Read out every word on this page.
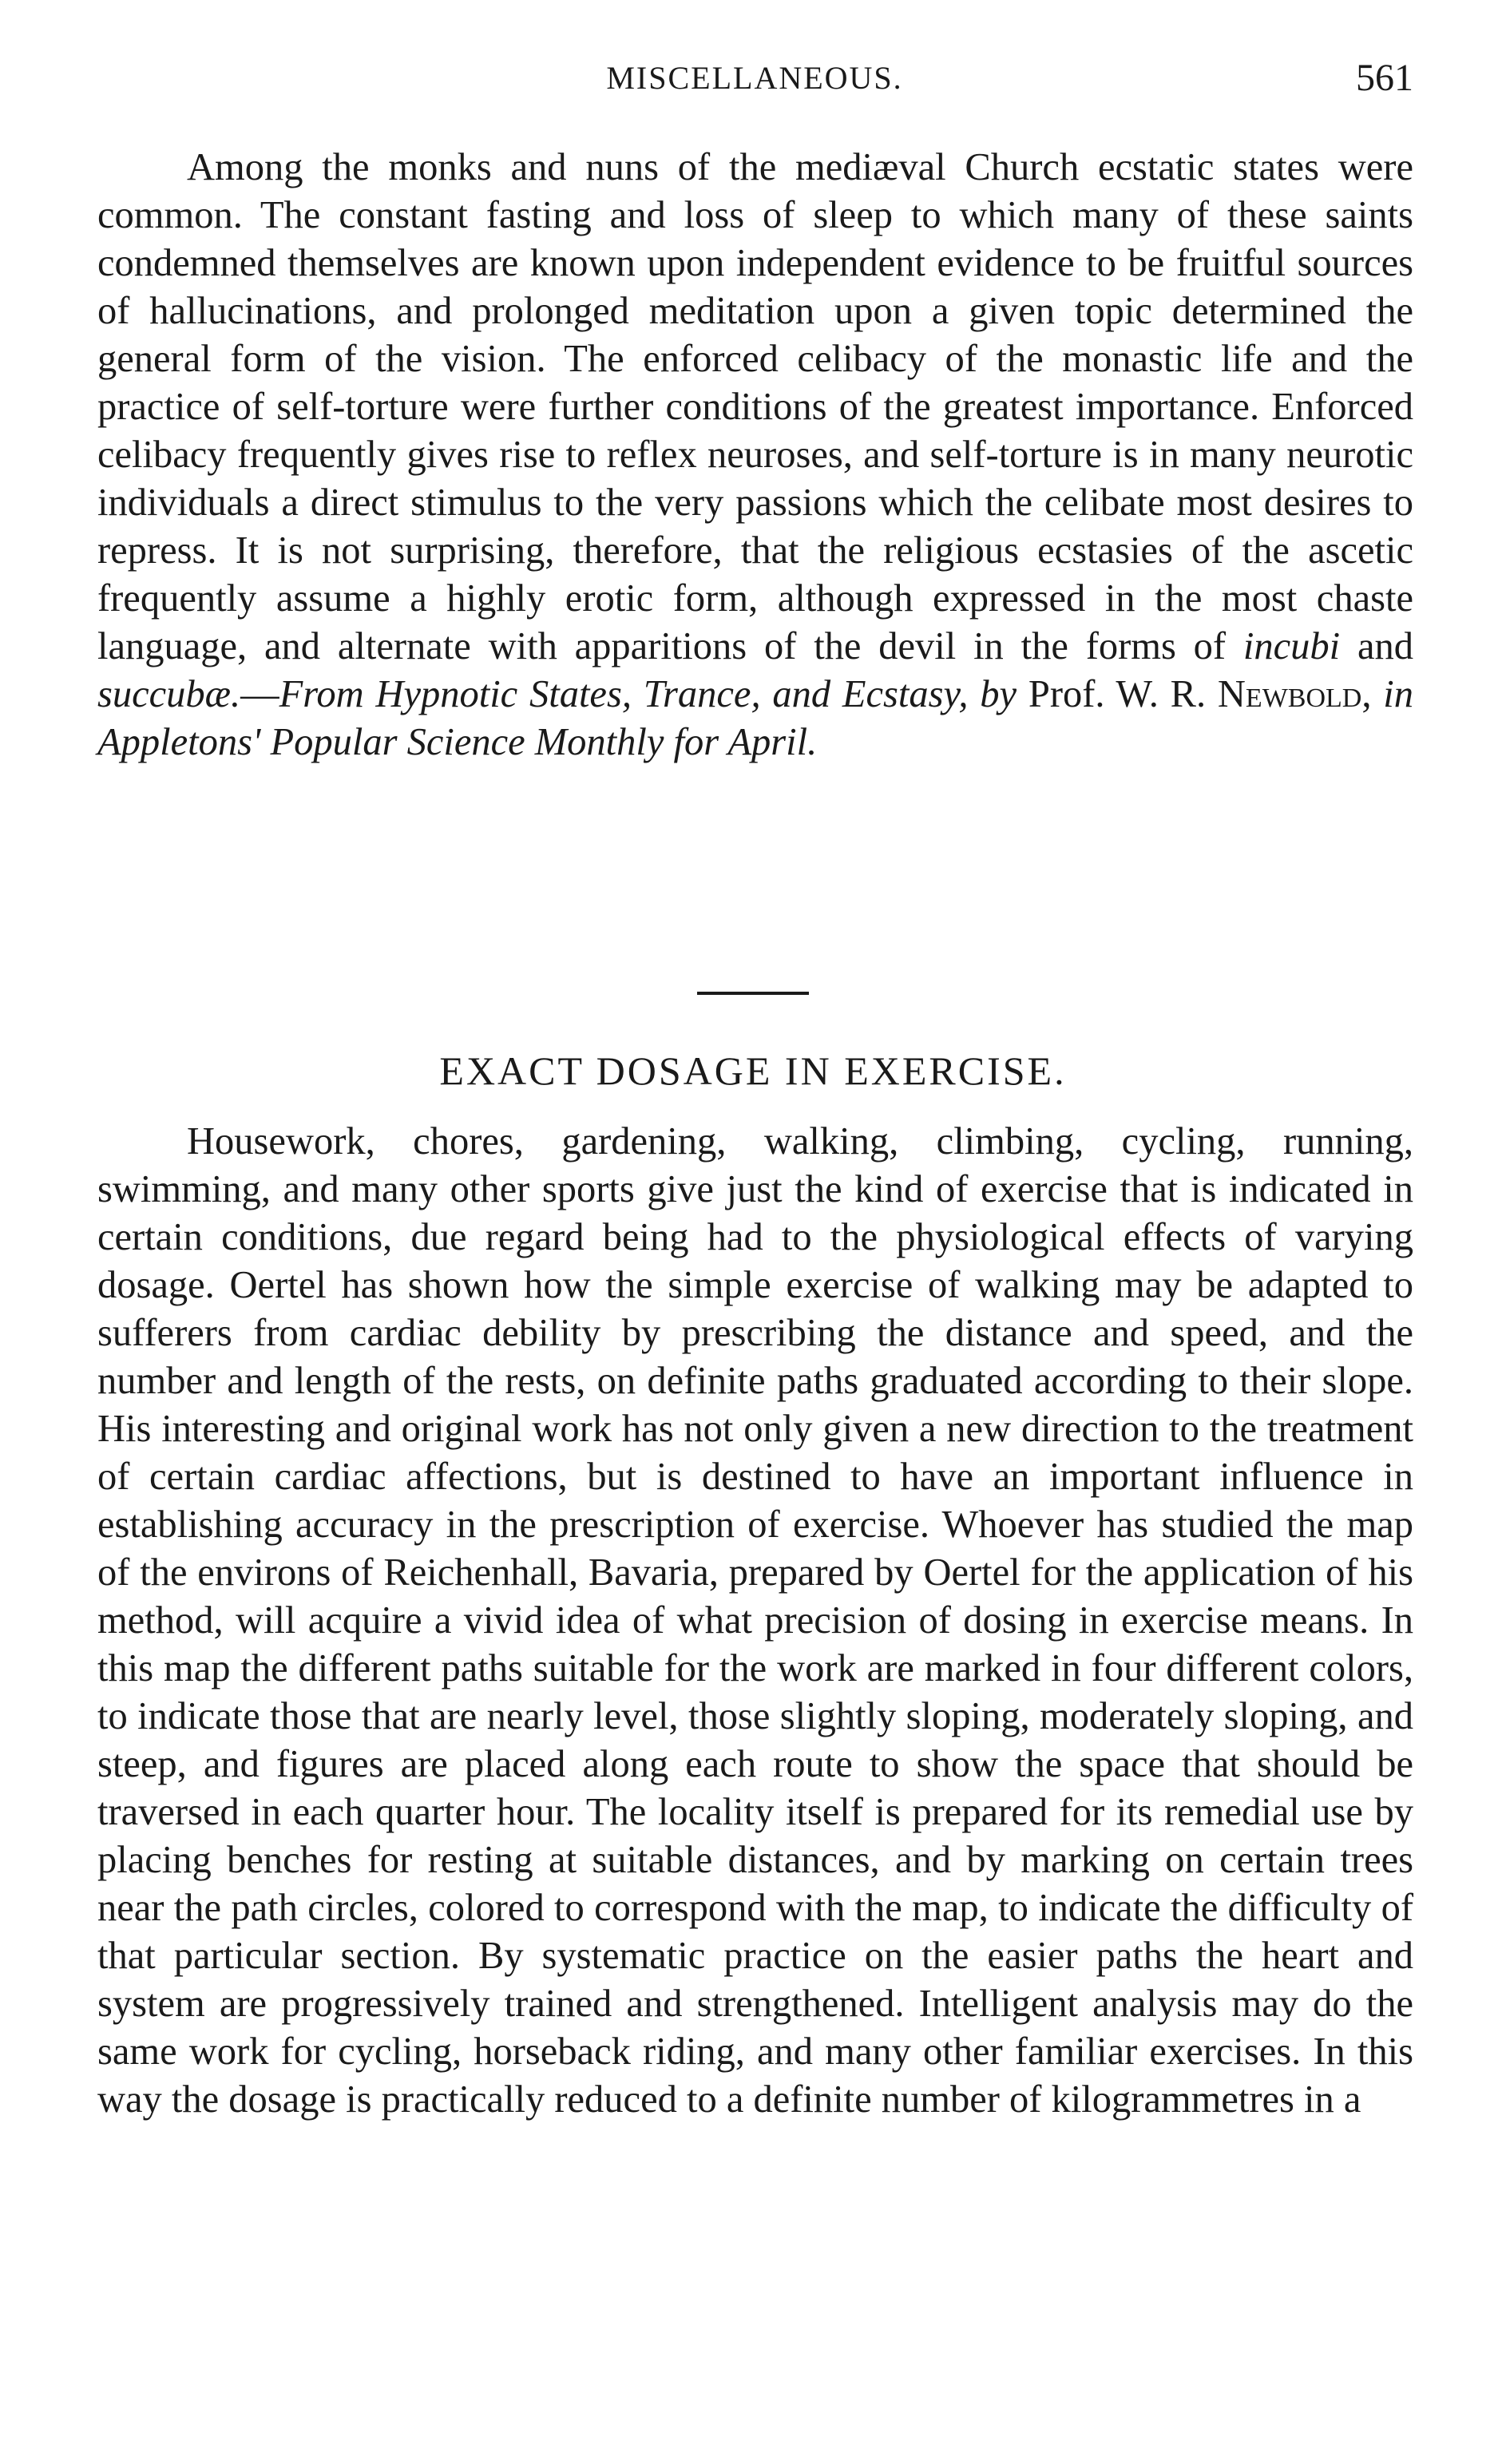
MISCELLANEOUS.	561

Among the monks and nuns of the mediæval Church ecstatic states were common. The constant fasting and loss of sleep to which many of these saints condemned themselves are known upon independent evidence to be fruitful sources of hallucinations, and prolonged meditation upon a given topic determined the general form of the vision. The enforced celibacy of the monastic life and the practice of self-torture were further conditions of the greatest importance. Enforced celibacy frequently gives rise to reflex neuroses, and self-torture is in many neurotic individuals a direct stimulus to the very passions which the celibate most desires to repress. It is not surprising, therefore, that the religious ecstasies of the ascetic frequently assume a highly erotic form, although expressed in the most chaste language, and alternate with apparitions of the devil in the forms of incubi and succubæ.—From Hypnotic States, Trance, and Ecstasy, by Prof. W. R. Newbold, in Appletons' Popular Science Monthly for April.

EXACT DOSAGE IN EXERCISE.

Housework, chores, gardening, walking, climbing, cycling, running, swimming, and many other sports give just the kind of exercise that is indicated in certain conditions, due regard being had to the physiological effects of varying dosage. Oertel has shown how the simple exercise of walking may be adapted to sufferers from cardiac debility by prescribing the distance and speed, and the number and length of the rests, on definite paths graduated according to their slope. His interesting and original work has not only given a new direction to the treatment of certain cardiac affections, but is destined to have an important influence in establishing accuracy in the prescription of exercise. Whoever has studied the map of the environs of Reichenhall, Bavaria, prepared by Oertel for the application of his method, will acquire a vivid idea of what precision of dosing in exercise means. In this map the different paths suitable for the work are marked in four different colors, to indicate those that are nearly level, those slightly sloping, moderately sloping, and steep, and figures are placed along each route to show the space that should be traversed in each quarter hour. The locality itself is prepared for its remedial use by placing benches for resting at suitable distances, and by marking on certain trees near the path circles, colored to correspond with the map, to indicate the difficulty of that particular section. By systematic practice on the easier paths the heart and system are progressively trained and strengthened. Intelligent analysis may do the same work for cycling, horseback riding, and many other familiar exercises. In this way the dosage is practically reduced to a definite number of kilogrammetres in a
